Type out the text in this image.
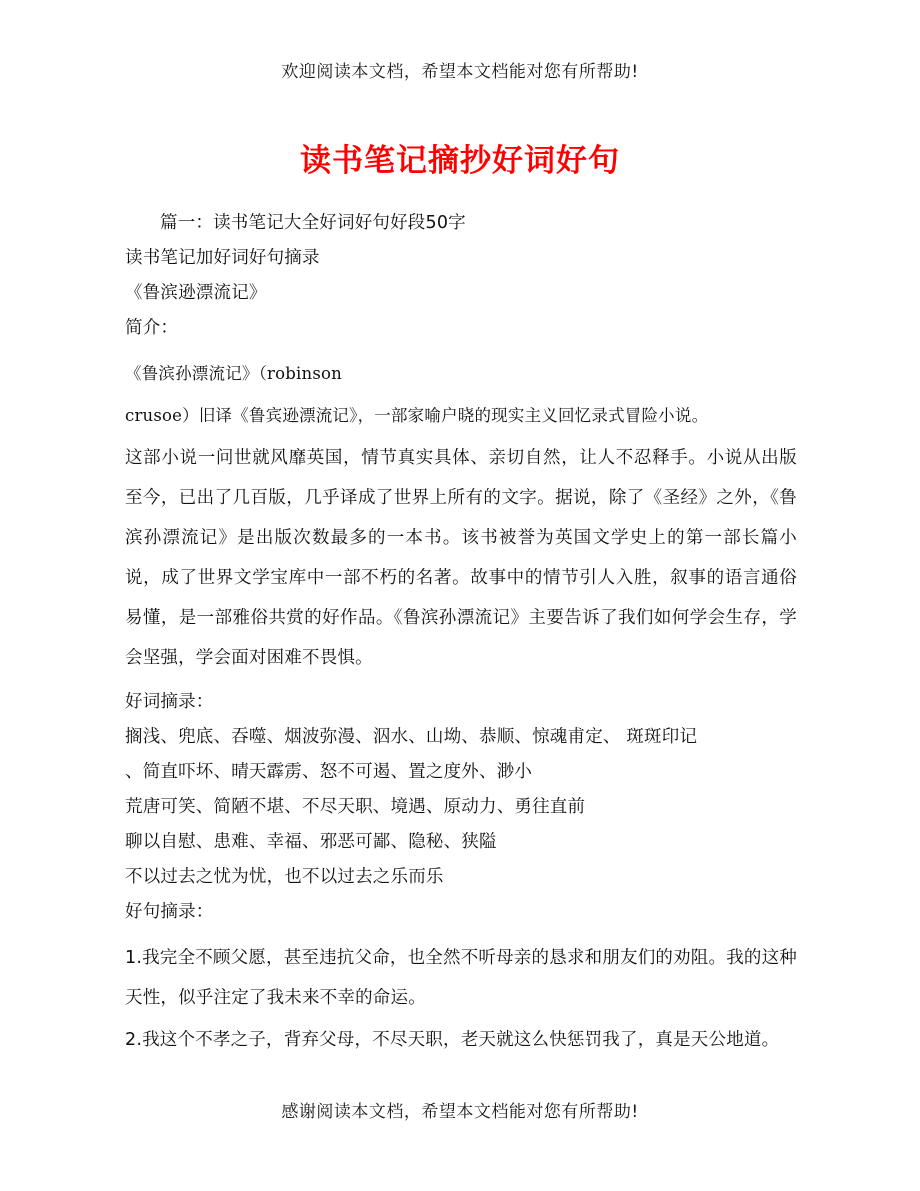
欢迎阅读本文档，希望本文档能对您有所帮助!
读书笔记摘抄好词好句

篇一：读书笔记大全好词好句好段50字

读书笔记加好词好句摘录

《鲁滨逊漂流记》

简介：

《鲁滨孙漂流记》（robinson

crusoe）旧译《鲁宾逊漂流记》，一部家喻户晓的现实主义回忆录式冒险小说。

这部小说一问世就风靡英国，情节真实具体、亲切自然，让人不忍释手。小说从出版至今，已出了几百版，几乎译成了世界上所有的文字。据说，除了《圣经》之外，《鲁滨孙漂流记》是出版次数最多的一本书。该书被誉为英国文学史上的第一部长篇小说，成了世界文学宝库中一部不朽的名著。故事中的情节引人入胜，叙事的语言通俗易懂，是一部雅俗共赏的好作品。《鲁滨孙漂流记》主要告诉了我们如何学会生存，学会坚强，学会面对困难不畏惧。

好词摘录：

搁浅、兜底、吞噬、烟波弥漫、泅水、山坳、恭顺、惊魂甫定、 斑斑印记

、简直吓坏、晴天霹雳、怒不可遏、置之度外、渺小

荒唐可笑、简陋不堪、不尽天职、境遇、原动力、勇往直前

聊以自慰、患难、幸福、邪恶可鄙、隐秘、狭隘

不以过去之忧为忧，也不以过去之乐而乐

好句摘录：

1.我完全不顾父愿，甚至违抗父命，也全然不听母亲的恳求和朋友们的劝阻。我的这种天性，似乎注定了我未来不幸的命运。

2.我这个不孝之子，背弃父母，不尽天职，老天就这么快惩罚我了，真是天公地道。

感谢阅读本文档，希望本文档能对您有所帮助!
